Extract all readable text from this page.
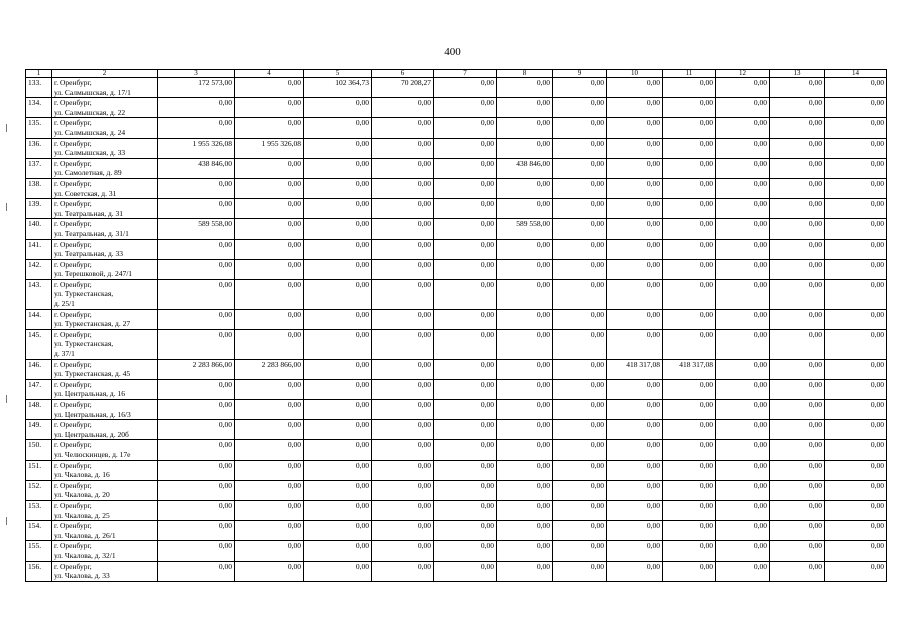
400
1	2	3	4	5	6	7	8	9	10	11	12	13	14
133.	г. Оренбург,
ул. Салмышская, д. 17/1	172 573,00	0,00	102 364,73	70 208,27	0,00	0,00	0,00	0,00	0,00	0,00	0,00	0,00
134.	г. Оренбург,
ул. Салмышская, д. 22	0,00	0,00	0,00	0,00	0,00	0,00	0,00	0,00	0,00	0,00	0,00	0,00
135.	г. Оренбург,
ул. Салмышская, д. 24	0,00	0,00	0,00	0,00	0,00	0,00	0,00	0,00	0,00	0,00	0,00	0,00
136.	г. Оренбург,
ул. Салмышская, д. 33	1 955 326,08	1 955 326,08	0,00	0,00	0,00	0,00	0,00	0,00	0,00	0,00	0,00	0,00
137.	г. Оренбург,
ул. Самолетная, д. 89	438 846,00	0,00	0,00	0,00	0,00	438 846,00	0,00	0,00	0,00	0,00	0,00	0,00
138.	г. Оренбург,
ул. Советская, д. 31	0,00	0,00	0,00	0,00	0,00	0,00	0,00	0,00	0,00	0,00	0,00	0,00
139.	г. Оренбург,
ул. Театральная, д. 31	0,00	0,00	0,00	0,00	0,00	0,00	0,00	0,00	0,00	0,00	0,00	0,00
140.	г. Оренбург,
ул. Театральная, д. 31/1	589 558,00	0,00	0,00	0,00	0,00	589 558,00	0,00	0,00	0,00	0,00	0,00	0,00
141.	г. Оренбург,
ул. Театральная, д. 33	0,00	0,00	0,00	0,00	0,00	0,00	0,00	0,00	0,00	0,00	0,00	0,00
142.	г. Оренбург,
ул. Терешковой, д. 247/1	0,00	0,00	0,00	0,00	0,00	0,00	0,00	0,00	0,00	0,00	0,00	0,00
143.	г. Оренбург,
ул. Туркестанская,
д. 25/1	0,00	0,00	0,00	0,00	0,00	0,00	0,00	0,00	0,00	0,00	0,00	0,00
144.	г. Оренбург,
ул. Туркестанская, д. 27	0,00	0,00	0,00	0,00	0,00	0,00	0,00	0,00	0,00	0,00	0,00	0,00
145.	г. Оренбург,
ул. Туркестанская,
д. 37/1	0,00	0,00	0,00	0,00	0,00	0,00	0,00	0,00	0,00	0,00	0,00	0,00
146.	г. Оренбург,
ул. Туркестанская, д. 45	2 283 866,00	2 283 866,00	0,00	0,00	0,00	0,00	0,00	418 317,08	418 317,08	0,00	0,00	0,00
147.	г. Оренбург,
ул. Центральная, д. 16	0,00	0,00	0,00	0,00	0,00	0,00	0,00	0,00	0,00	0,00	0,00	0,00
148.	г. Оренбург,
ул. Центральная, д. 16/3	0,00	0,00	0,00	0,00	0,00	0,00	0,00	0,00	0,00	0,00	0,00	0,00
149.	г. Оренбург,
ул. Центральная, д. 20б	0,00	0,00	0,00	0,00	0,00	0,00	0,00	0,00	0,00	0,00	0,00	0,00
150.	г. Оренбург,
ул. Челюскинцев, д. 17е	0,00	0,00	0,00	0,00	0,00	0,00	0,00	0,00	0,00	0,00	0,00	0,00
151.	г. Оренбург,
ул. Чкалова, д. 16	0,00	0,00	0,00	0,00	0,00	0,00	0,00	0,00	0,00	0,00	0,00	0,00
152.	г. Оренбург,
ул. Чкалова, д. 20	0,00	0,00	0,00	0,00	0,00	0,00	0,00	0,00	0,00	0,00	0,00	0,00
153.	г. Оренбург,
ул. Чкалова, д. 25	0,00	0,00	0,00	0,00	0,00	0,00	0,00	0,00	0,00	0,00	0,00	0,00
154.	г. Оренбург,
ул. Чкалова, д. 26/1	0,00	0,00	0,00	0,00	0,00	0,00	0,00	0,00	0,00	0,00	0,00	0,00
155.	г. Оренбург,
ул. Чкалова, д. 32/1	0,00	0,00	0,00	0,00	0,00	0,00	0,00	0,00	0,00	0,00	0,00	0,00
156.	г. Оренбург,
ул. Чкалова, д. 33	0,00	0,00	0,00	0,00	0,00	0,00	0,00	0,00	0,00	0,00	0,00	0,00
